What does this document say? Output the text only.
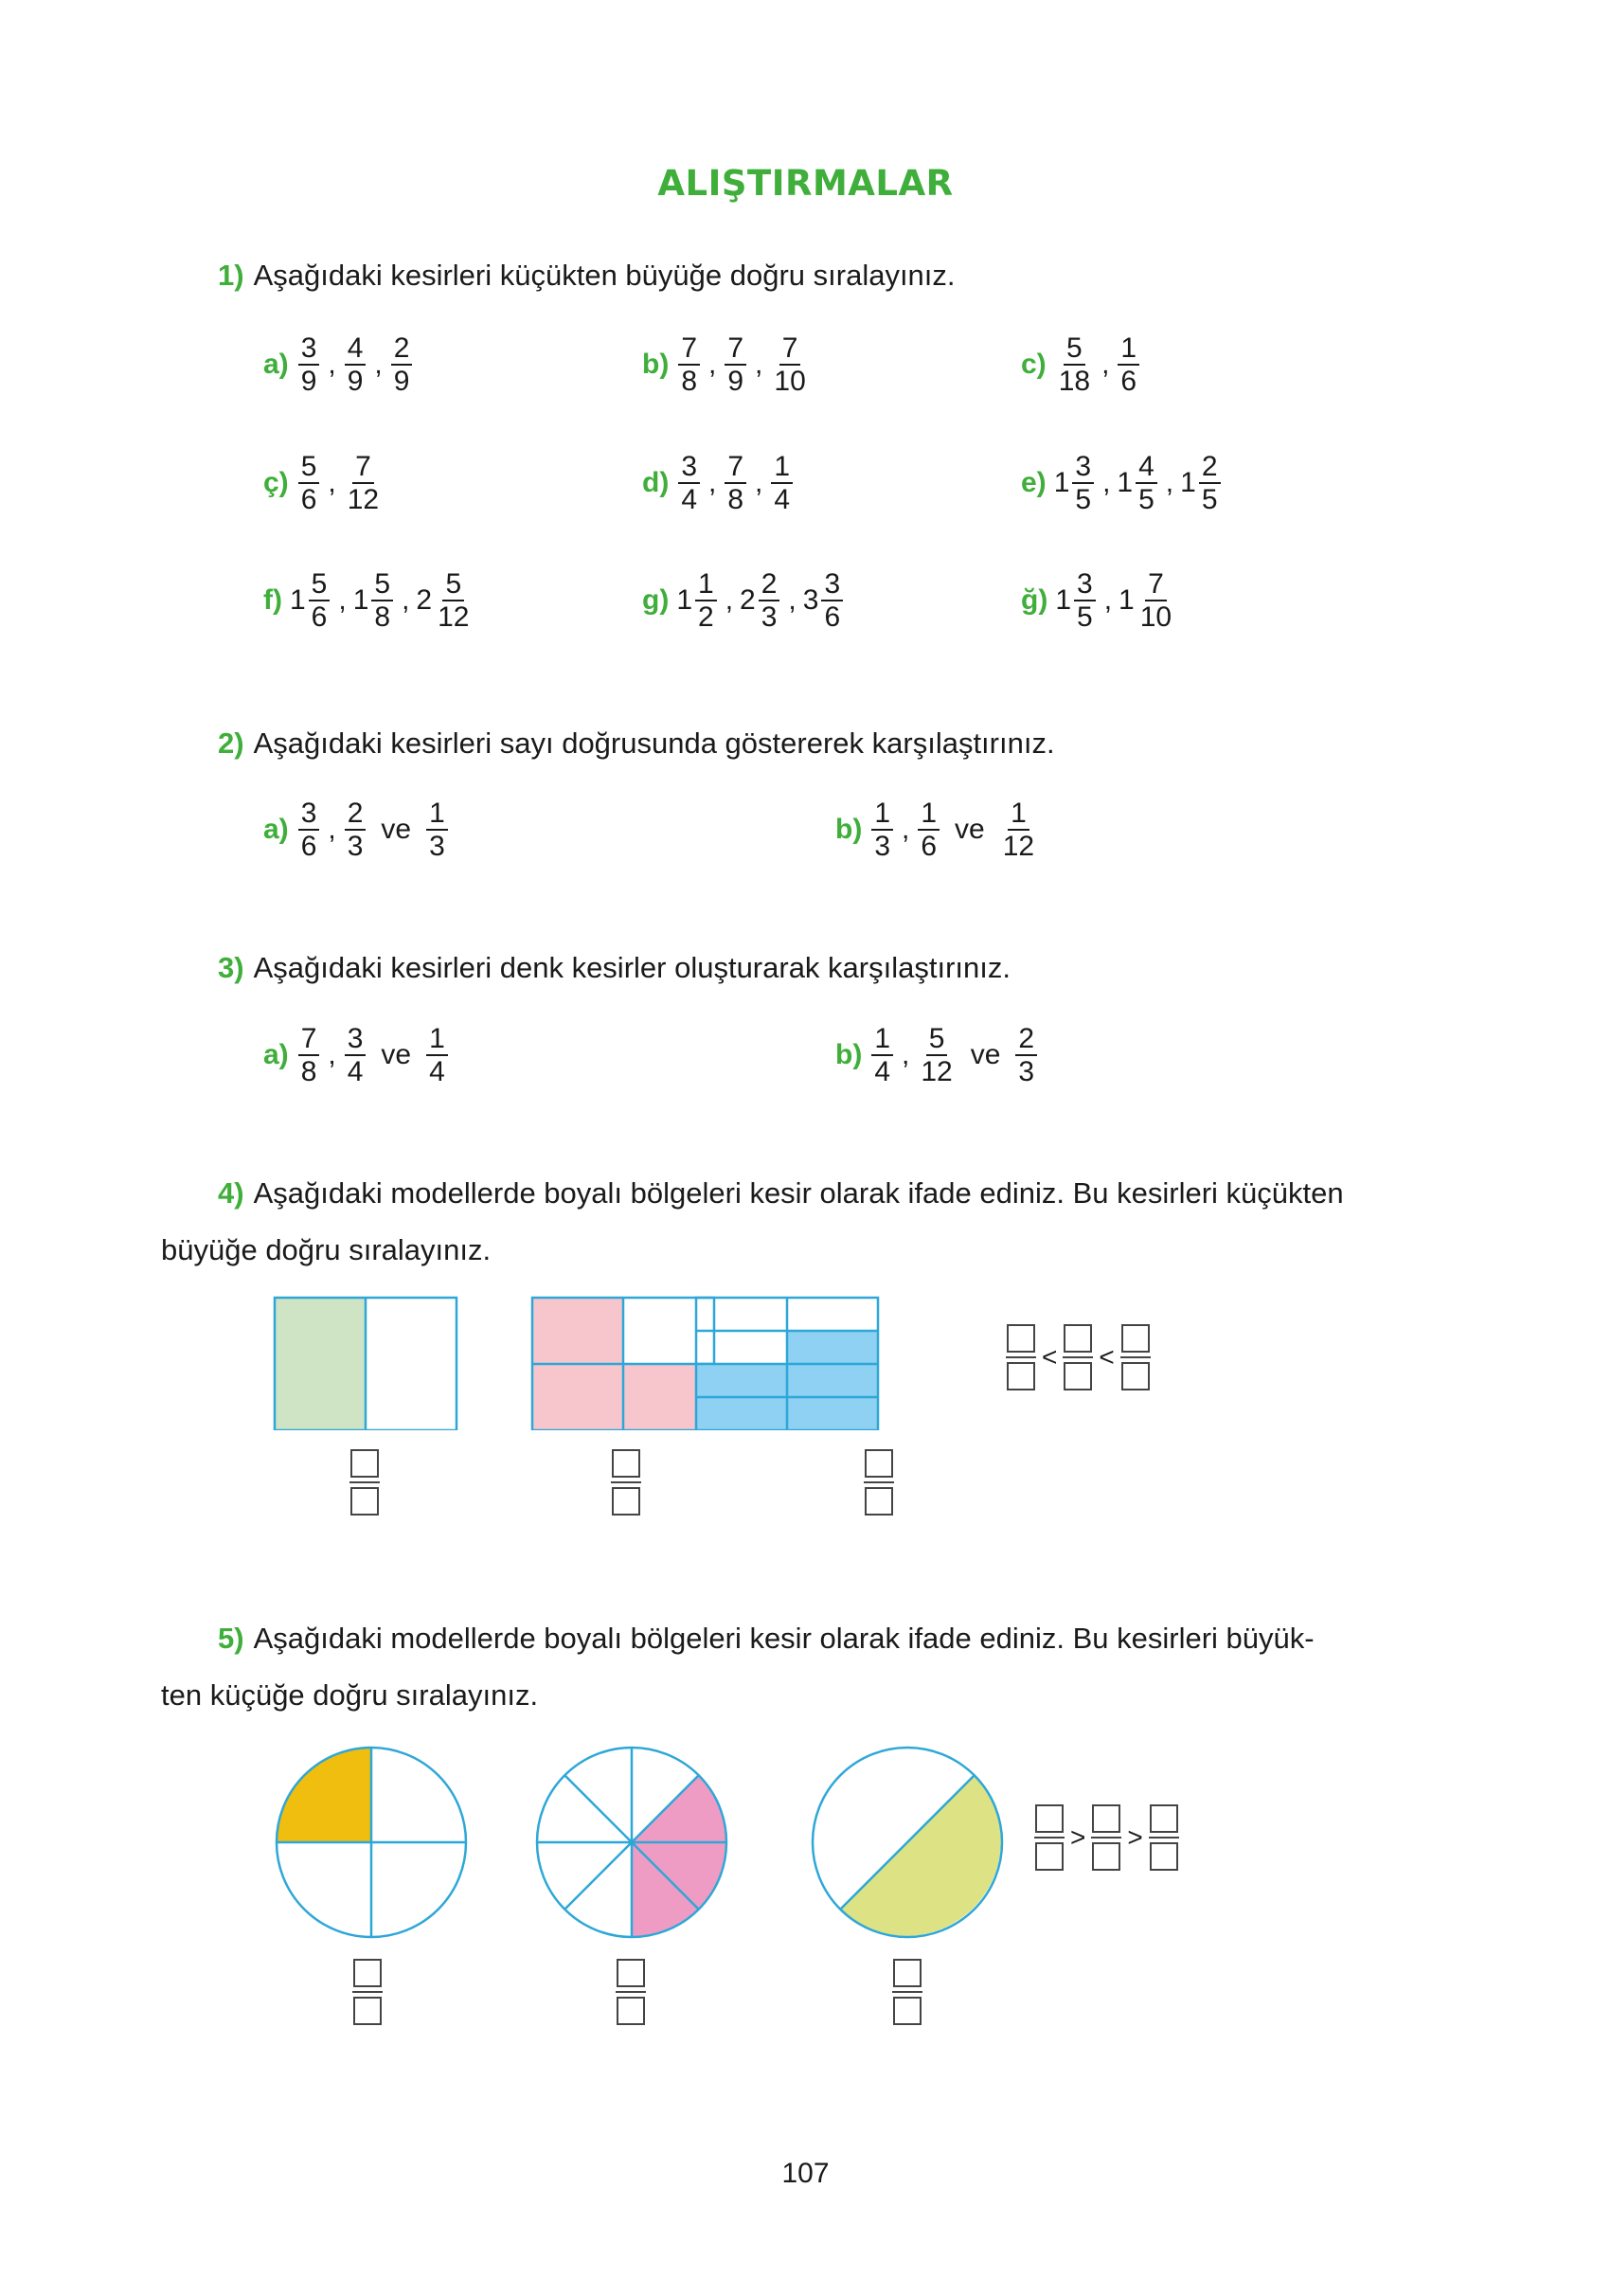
ALIŞTIRMALAR
1) Aşağıdaki kesirleri küçükten büyüğe doğru sıralayınız.
$a) \frac{3}{9}$ , $\frac{4}{9}$ , $\frac{2}{9}$	$b) \frac{7}{8}$ , $\frac{7}{9}$ , $\frac{7}{10}$	$c) \frac{5}{18}$ , $\frac{1}{6}$
ç) $\frac{5}{6}$ , $\frac{7}{12}$	$d) \frac{3}{4}$ , $\frac{7}{8}$ , $\frac{1}{4}$	e) $1 \frac{3}{5}$ , $1 \frac{4}{5}$ , $1 \frac{2}{5}$
f) $1 \frac{5}{6}$ , $1 \frac{5}{8}$ , $2 \frac{5}{12}$	g) $1 \frac{1}{2}$ , $2 \frac{2}{3}$ , $3 \frac{3}{6}$	ğ) $1 \frac{3}{5}$ , $1 \frac{7}{10}$
2) Aşağıdaki kesirleri sayı doğrusunda göstererek karşılaştırınız.
$a) \frac{3}{6}$ , $\frac{2}{3}$ ve $\frac{1}{3}$	$b) \frac{1}{3}$ , $\frac{1}{6}$ ve $\frac{1}{12}$
3) Aşağıdaki kesirleri denk kesirler oluşturarak karşılaştırınız.
$a) \frac{7}{8}$ , $\frac{3}{4}$ ve $\frac{1}{4}$	$b) \frac{1}{4}$ , $\frac{5}{12}$ ve $\frac{2}{3}$
4) Aşağıdaki modellerde boyalı bölgeleri kesir olarak ifade ediniz. Bu kesirleri küçükten
büyüğe doğru sıralayınız.
< <
5) Aşağıdaki modellerde boyalı bölgeleri kesir olarak ifade ediniz. Bu kesirleri büyük-
ten küçüğe doğru sıralayınız.
> >
107
